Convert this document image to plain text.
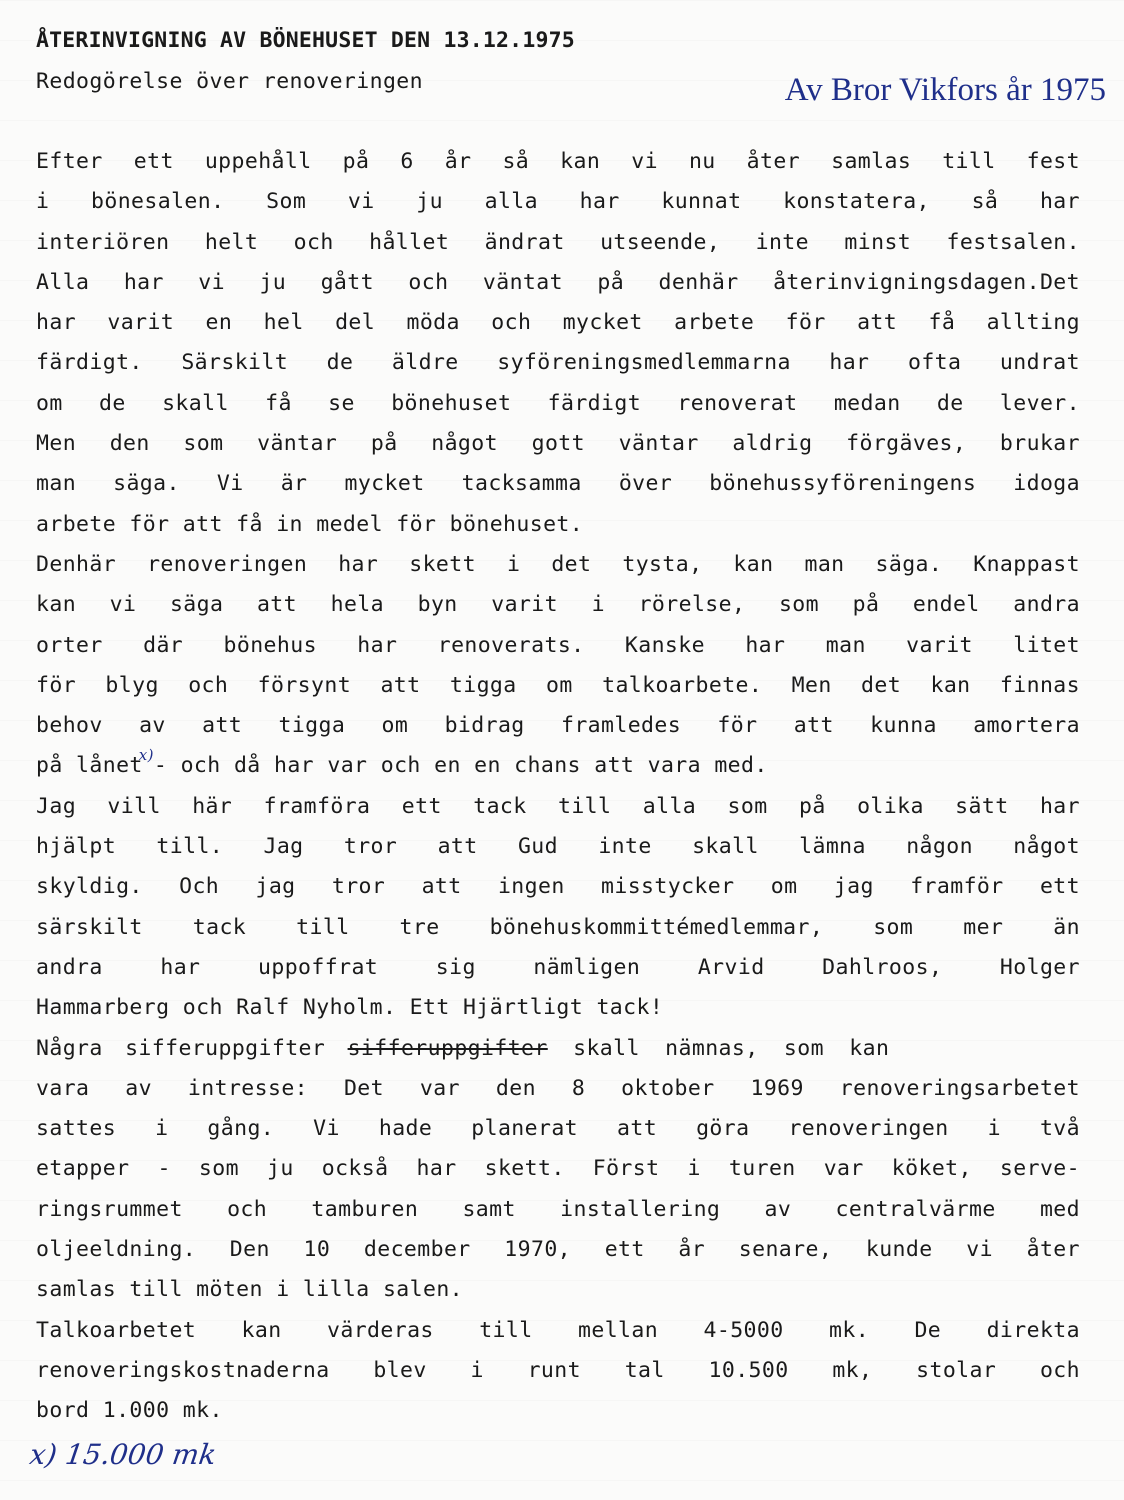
ÅTERINVIGNING AV BÖNEHUSET DEN 13.12.1975
Redogörelse över renoveringen	Av Bror Vikfors år 1975
Efter ett uppehåll på 6 år så kan vi nu åter samlas till fest
i bönesalen. Som vi ju alla har kunnat konstatera, så har
interiören helt och hållet ändrat utseende, inte minst festsalen.
Alla har vi ju gått och väntat på denhär återinvigningsdagen.Det
har varit en hel del möda och mycket arbete för att få allting
färdigt. Särskilt de äldre syföreningsmedlemmarna har ofta undrat
om de skall få se bönehuset färdigt renoverat medan de lever.
Men den som väntar på något gott väntar aldrig förgäves, brukar
man säga. Vi är mycket tacksamma över bönehussyföreningens idoga
arbete för att få in medel för bönehuset.
Denhär renoveringen har skett i det tysta, kan man säga. Knappast
kan vi säga att hela byn varit i rörelse, som på endel andra
orter där bönehus har renoverats. Kanske har man varit litet
för blyg och försynt att tigga om talkoarbete. Men det kan finnas
behov av att tigga om bidrag framledes för att kunna amortera
på lånet$^{x)}$- och då har var och en en chans att vara med.
Jag vill här framföra ett tack till alla som på olika sätt har
hjälpt till. Jag tror att Gud inte skall lämna någon något
skyldig. Och jag tror att ingen misstycker om jag framför ett
särskilt tack till tre bönehuskommittémedlemmar, som mer än
andra har uppoffrat sig nämligen Arvid Dahlroos, Holger
Hammarberg och Ralf Nyholm. Ett Hjärtligt tack!
Några sifferuppgifter sifferuppgifter skall nämnas, som kan
vara av intresse: Det var den 8 oktober 1969 renoveringsarbetet
sattes i gång. Vi hade planerat att göra renoveringen i två
etapper - som ju också har skett. Först i turen var köket, serve-
ringsrummet och tamburen samt installering av centralvärme med
oljeeldning. Den 10 december 1970, ett år senare, kunde vi åter
samlas till möten i lilla salen.
Talkoarbetet kan värderas till mellan 4-5000 mk. De direkta
renoveringskostnaderna blev i runt tal 10.500 mk, stolar och
bord 1.000 mk.
x) 15.000 mk
